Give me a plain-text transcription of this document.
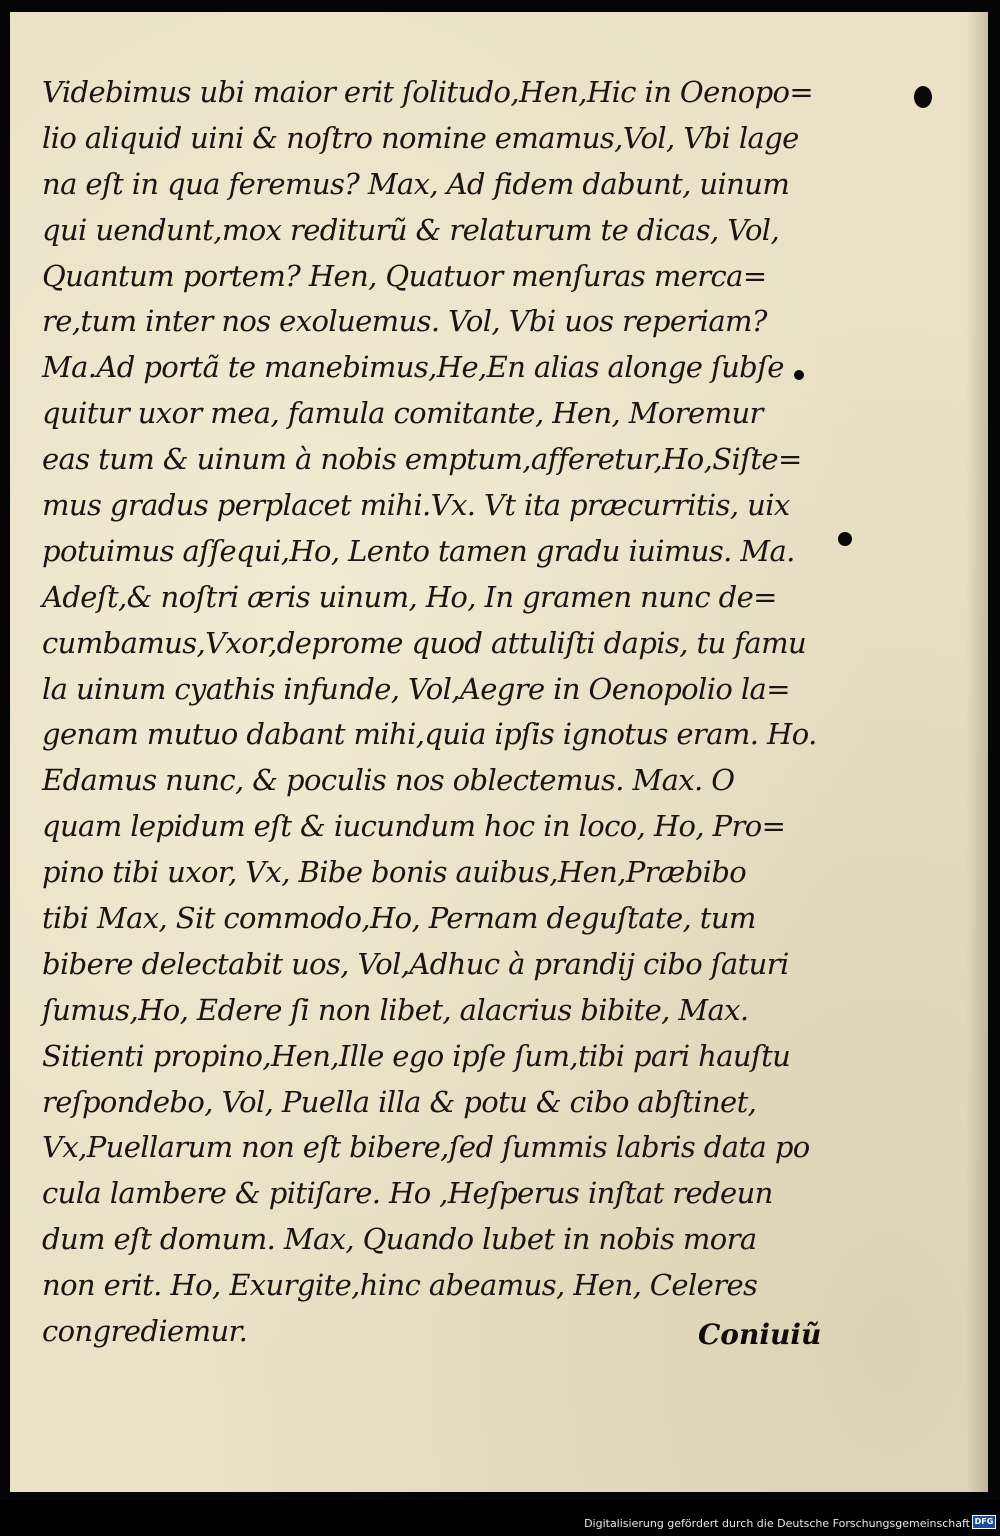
Videbimus ubi maior erit ſolitudo,Hen,Hic in Oenopo=
lio aliquid uini & noſtro nomine emamus,Vol, Vbi lage
na eſt in qua feremus? Max, Ad fidem dabunt, uinum
qui uendunt,mox rediturũ & relaturum te dicas, Vol,
Quantum portem? Hen, Quatuor menſuras merca=
re,tum inter nos exoluemus. Vol, Vbi uos reperiam?
Ma.Ad portã te manebimus,He,En alias alonge ſubſe
quitur uxor mea, famula comitante, Hen, Moremur
eas tum & uinum à nobis emptum,afferetur,Ho,Siſte=
mus gradus perplacet mihi.Vx. Vt ita præcurritis, uix
potuimus aſſequi,Ho, Lento tamen gradu iuimus. Ma.
Adeſt,& noſtri æris uinum, Ho, In gramen nunc de=
cumbamus,Vxor,deprome quod attuliſti dapis, tu famu
la uinum cyathis infunde, Vol,Aegre in Oenopolio la=
genam mutuo dabant mihi,quia ipſis ignotus eram. Ho.
Edamus nunc, & poculis nos oblectemus. Max. O
quam lepidum eſt & iucundum hoc in loco, Ho, Pro=
pino tibi uxor, Vx, Bibe bonis auibus,Hen,Præbibo
tibi Max, Sit commodo,Ho, Pernam deguſtate, tum
bibere delectabit uos, Vol,Adhuc à prandij cibo ſaturi
ſumus,Ho, Edere ſi non libet, alacrius bibite, Max.
Sitienti propino,Hen,Ille ego ipſe ſum,tibi pari hauſtu
reſpondebo, Vol, Puella illa & potu & cibo abſtinet,
Vx,Puellarum non eſt bibere,ſed ſummis labris data po
cula lambere & pitiſare. Ho ,Heſperus inſtat redeun
dum eſt domum. Max, Quando lubet in nobis mora
non erit. Ho, Exurgite,hinc abeamus, Hen, Celeres
congrediemur.	Coniuiũ
Digitalisierung gefördert durch die Deutsche Forschungsgemeinschaft DFG
